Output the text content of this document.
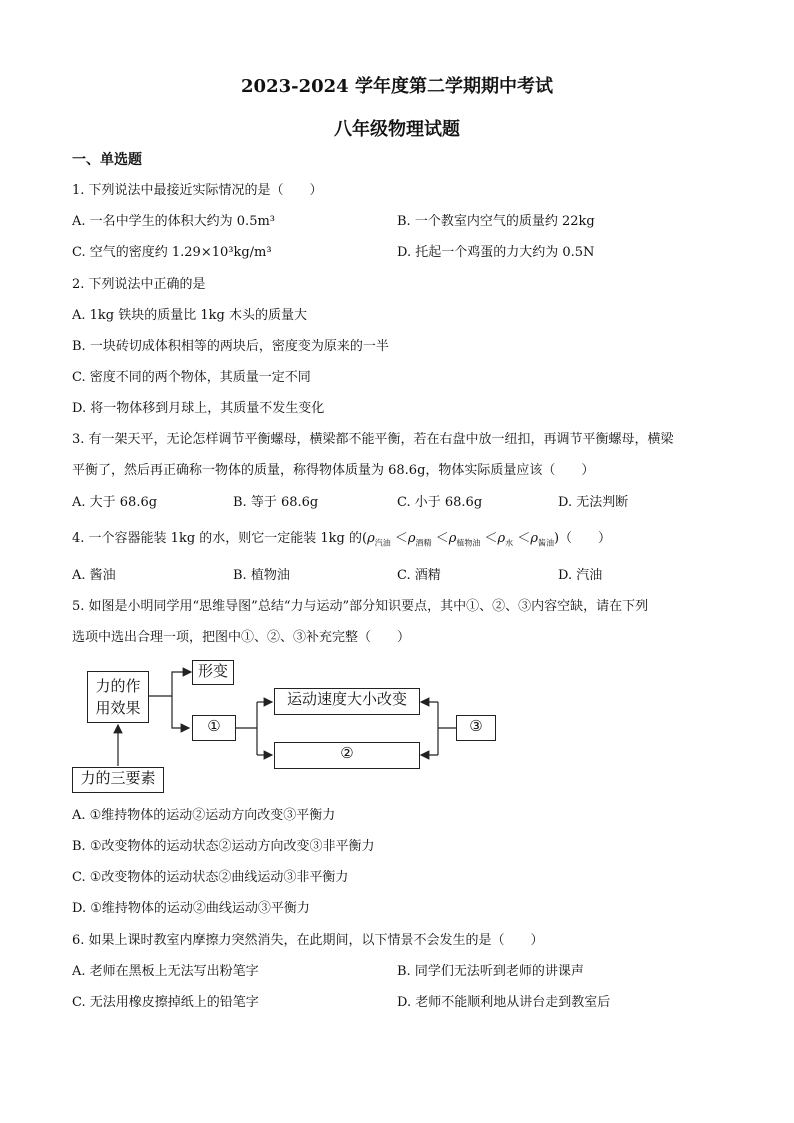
2023-2024 学年度第二学期期中考试
八年级物理试题
一、单选题
1. 下列说法中最接近实际情况的是（　　）
A. 一名中学生的体积大约为 0.5m³	B. 一个教室内空气的质量约 22kg
C. 空气的密度约 1.29×10³kg/m³	D. 托起一个鸡蛋的力大约为 0.5N
2. 下列说法中正确的是
A. 1kg 铁块的质量比 1kg 木头的质量大
B. 一块砖切成体积相等的两块后，密度变为原来的一半
C. 密度不同的两个物体，其质量一定不同
D. 将一物体移到月球上，其质量不发生变化
3. 有一架天平，无论怎样调节平衡螺母，横梁都不能平衡，若在右盘中放一纽扣，再调节平衡螺母，横梁
平衡了，然后再正确称一物体的质量，称得物体质量为 68.6g，物体实际质量应该（　　）
A. 大于 68.6g	B. 等于 68.6g	C. 小于 68.6g	D. 无法判断
4. 一个容器能装 1kg 的水，则它一定能装 1kg 的$(\rho_{汽油} <\rho_{酒精} <\rho_{植物油} <\rho_水 <\rho_{酱油})$（　　）
A. 酱油	B. 植物油	C. 酒精	D. 汽油
5. 如图是小明同学用“思维导图”总结“力与运动”部分知识要点，其中①、②、③内容空缺，请在下列
选项中选出合理一项，把图中①、②、③补充完整（　　）
力的作
用效果
形变
①
运动速度大小改变
②
③
力的三要素
A. ①维持物体的运动②运动方向改变③平衡力
B. ①改变物体的运动状态②运动方向改变③非平衡力
C. ①改变物体的运动状态②曲线运动③非平衡力
D. ①维持物体的运动②曲线运动③平衡力
6. 如果上课时教室内摩擦力突然消失，在此期间，以下情景不会发生的是（　　）
A. 老师在黑板上无法写出粉笔字	B. 同学们无法听到老师的讲课声
C. 无法用橡皮擦掉纸上的铅笔字	D. 老师不能顺利地从讲台走到教室后
